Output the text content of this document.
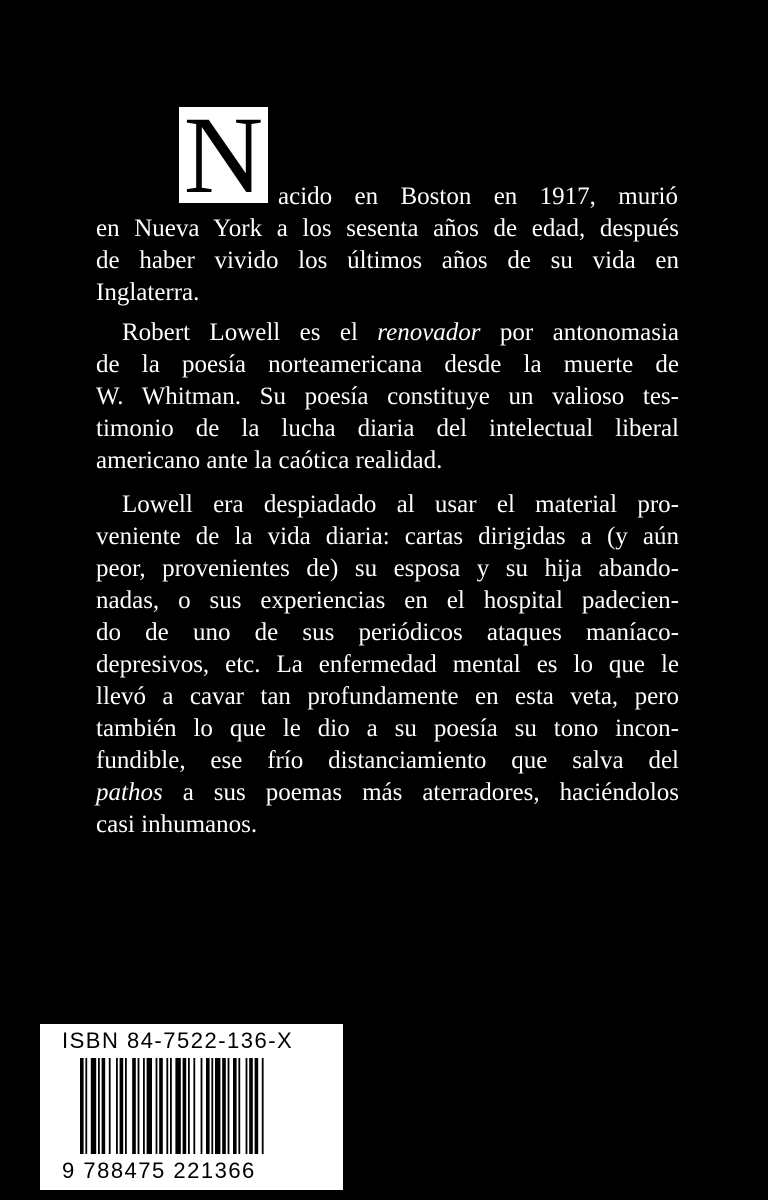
N acido en Boston en 1917, murió
en Nueva York a los sesenta años de edad, después
de haber vivido los últimos años de su vida en
Inglaterra.
Robert Lowell es el renovador por antonomasia
de la poesía norteamericana desde la muerte de
W. Whitman. Su poesía constituye un valioso tes-
timonio de la lucha diaria del intelectual liberal
americano ante la caótica realidad.
Lowell era despiadado al usar el material pro-
veniente de la vida diaria: cartas dirigidas a (y aún
peor, provenientes de) su esposa y su hija abando-
nadas, o sus experiencias en el hospital padecien-
do de uno de sus periódicos ataques maníaco-
depresivos, etc. La enfermedad mental es lo que le
llevó a cavar tan profundamente en esta veta, pero
también lo que le dio a su poesía su tono incon-
fundible, ese frío distanciamiento que salva del
pathos a sus poemas más aterradores, haciéndolos
casi inhumanos.
ISBN 84-7522-136-X
9 788475 221366
